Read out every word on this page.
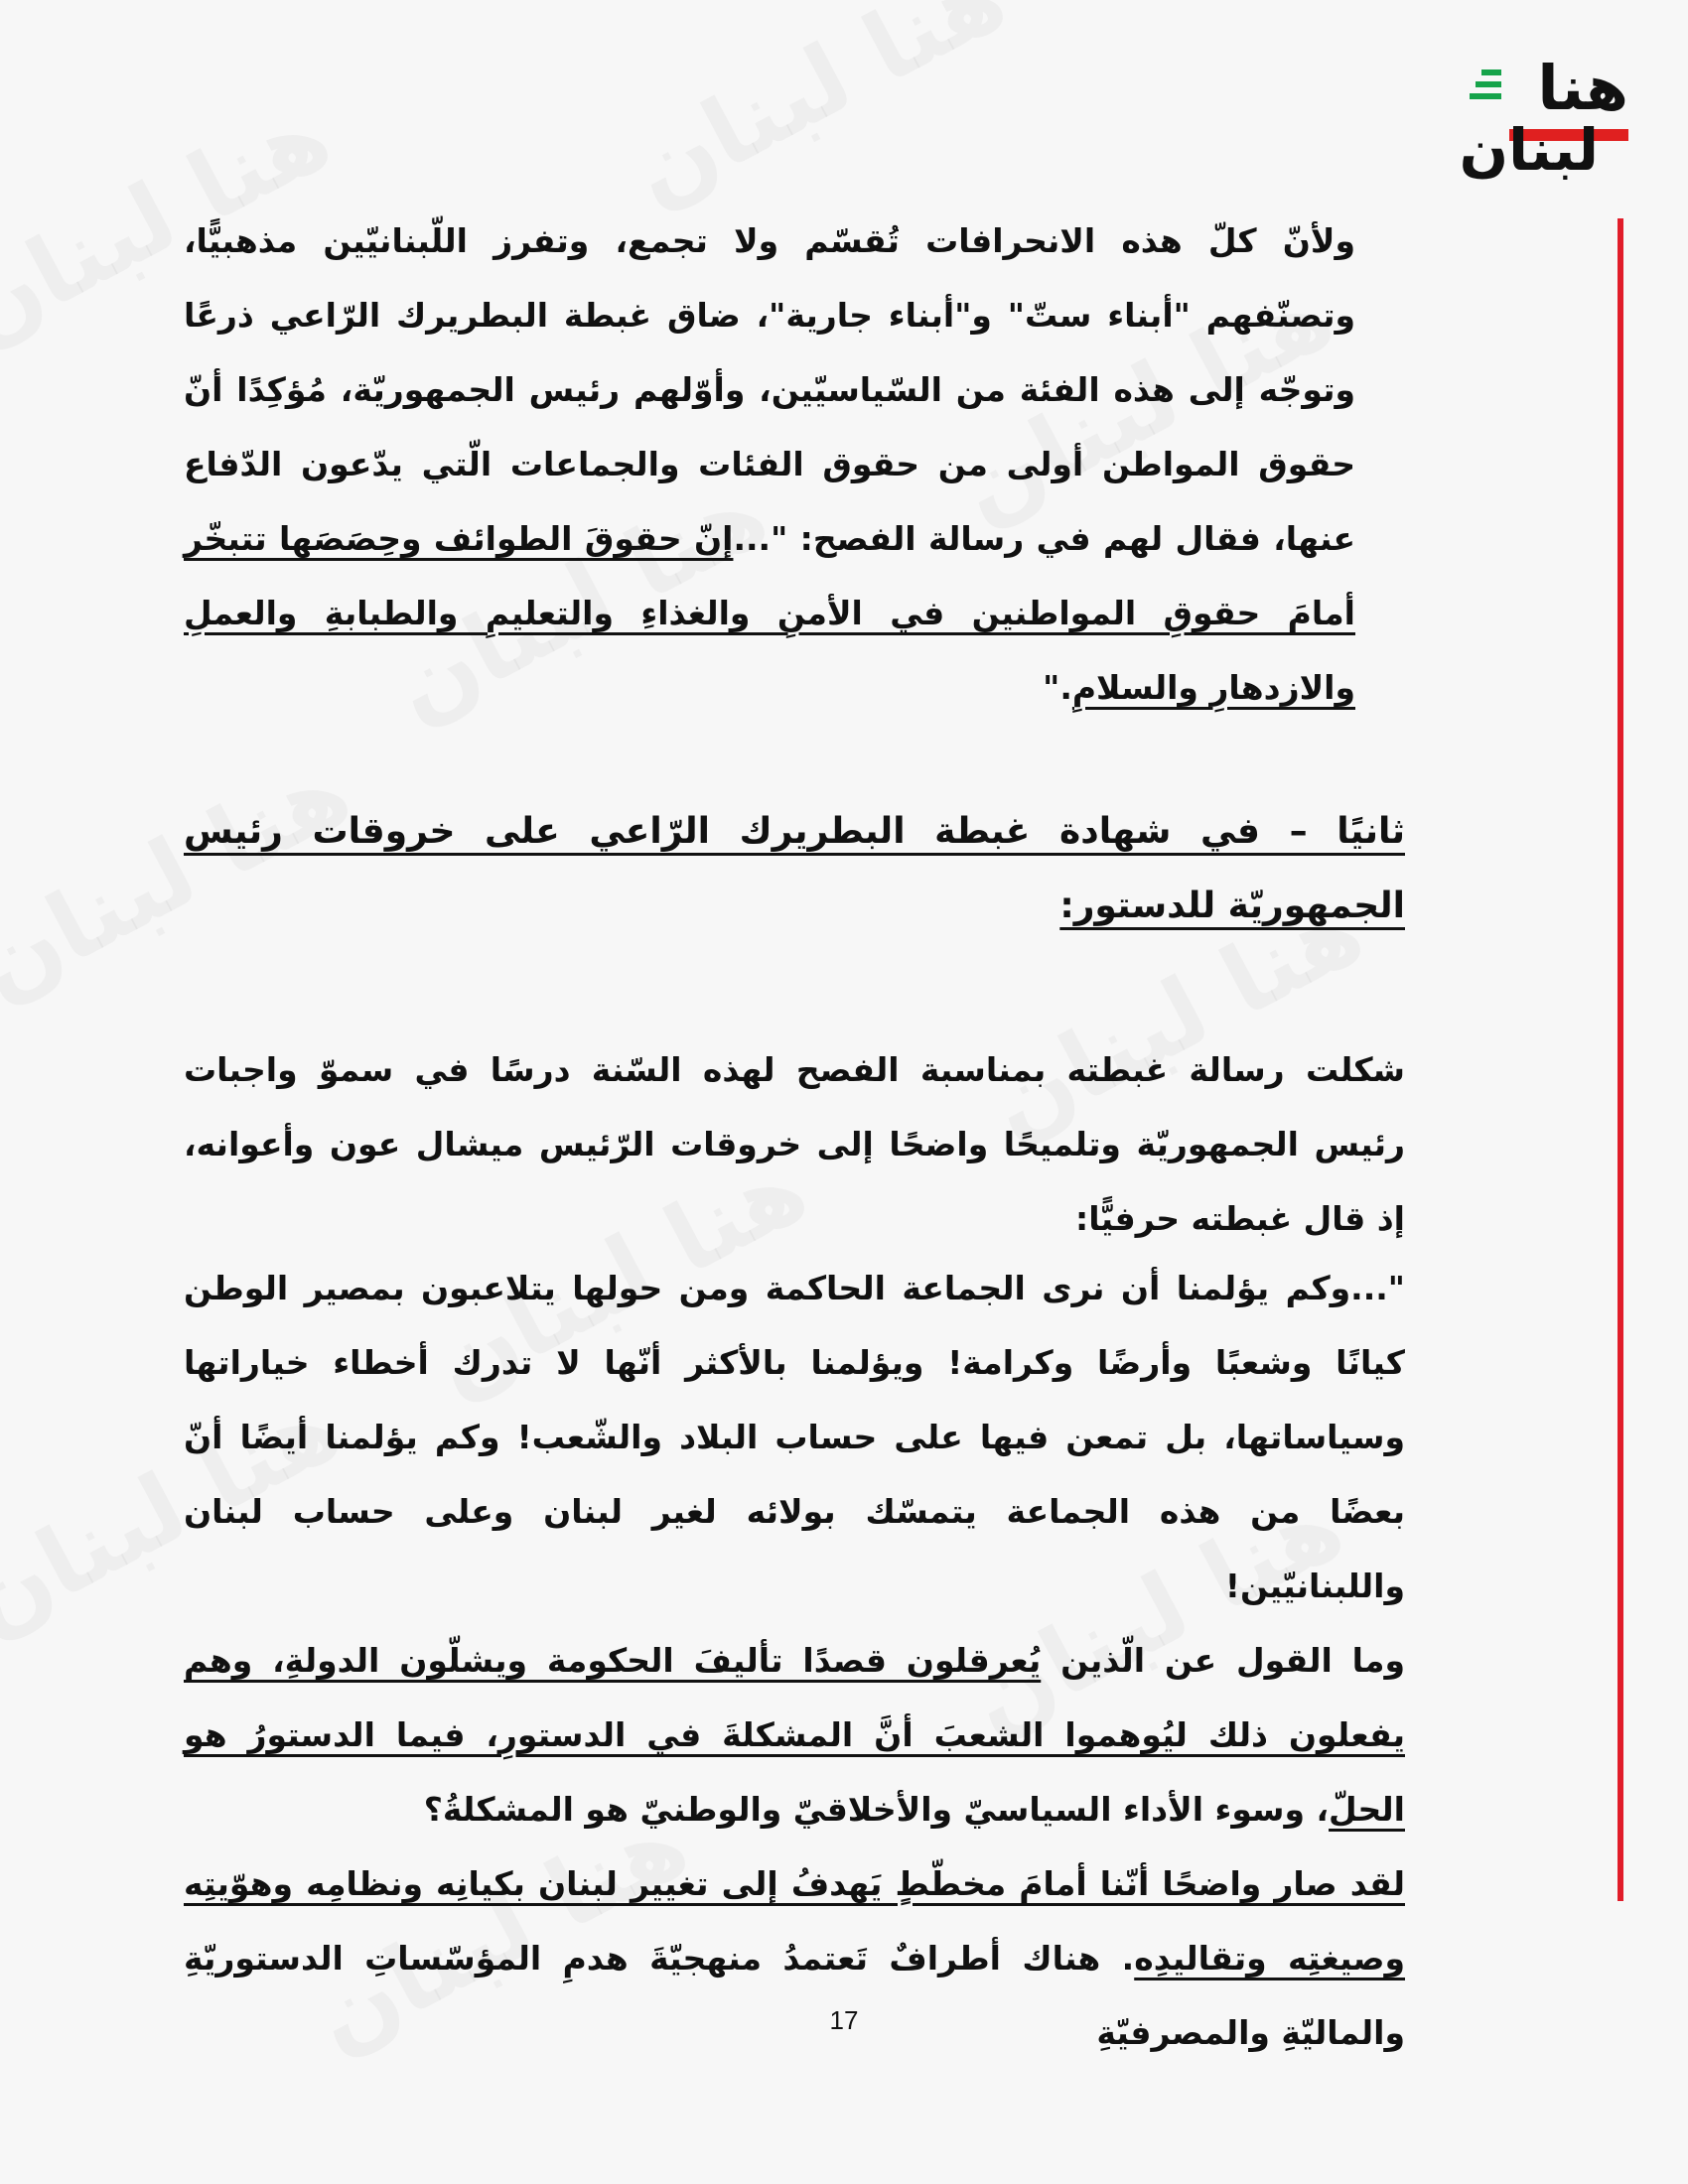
هنا
لبنان

ولأنّ كلّ هذه الانحرافات تُقسّم ولا تجمع، وتفرز اللّبنانيّين مذهبيًّا، وتصنّفهم "أبناء ستّ" و"أبناء جارية"، ضاق غبطة البطريرك الرّاعي ذرعًا وتوجّه إلى هذه الفئة من السّياسيّين، وأوّلهم رئيس الجمهوريّة، مُؤكِدًا أنّ حقوق المواطن أولى من حقوق الفئات والجماعات الّتي يدّعون الدّفاع عنها، فقال لهم في رسالة الفصح: "...إنّ حقوقَ الطوائف وحِصَصَها تتبخّر أمامَ حقوقِ المواطنين في الأمنِ والغذاءِ والتعليمِ والطبابةِ والعملِ والازدهارِ والسلامِ."

ثانيًا – في شهادة غبطة البطريرك الرّاعي على خروقات رئيس الجمهوريّة للدستور:

شكلت رسالة غبطته بمناسبة الفصح لهذه السّنة درسًا في سموّ واجبات رئيس الجمهوريّة وتلميحًا واضحًا إلى خروقات الرّئيس ميشال عون وأعوانه، إذ قال غبطته حرفيًّا:

"...وكم يؤلمنا أن نرى الجماعة الحاكمة ومن حولها يتلاعبون بمصير الوطن كيانًا وشعبًا وأرضًا وكرامة! ويؤلمنا بالأكثر أنّها لا تدرك أخطاء خياراتها وسياساتها، بل تمعن فيها على حساب البلاد والشّعب! وكم يؤلمنا أيضًا أنّ بعضًا من هذه الجماعة يتمسّك بولائه لغير لبنان وعلى حساب لبنان واللبنانيّين!

وما القول عن الّذين يُعرقلون قصدًا تأليفَ الحكومة ويشلّون الدولةِ، وهم يفعلون ذلك ليُوهموا الشعبَ أنَّ المشكلةَ في الدستورِ، فيما الدستورُ هو الحلّ، وسوء الأداء السياسيّ والأخلاقيّ والوطنيّ هو المشكلةُ؟

لقد صار واضحًا أنّنا أمامَ مخطّطٍ يَهدفُ إلى تغيير لبنان بكيانِه ونظامِه وهوّيتِه وصيغتِه وتقاليدِه. هناك أطرافٌ تَعتمدُ منهجيّةَ هدمِ المؤسّساتِ الدستوريّةِ والماليّةِ والمصرفيّةِ

17
